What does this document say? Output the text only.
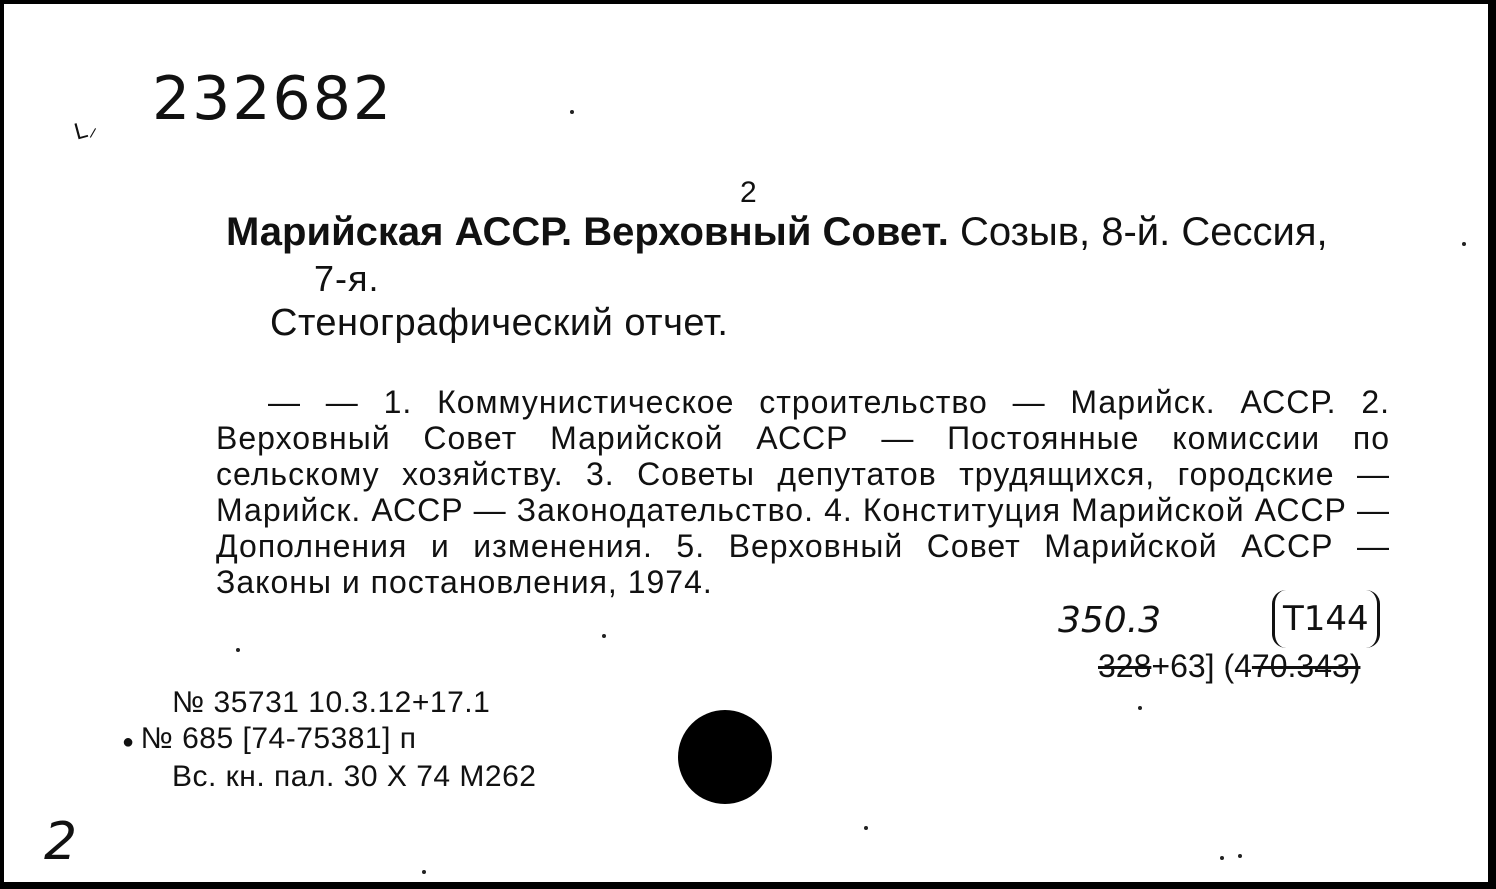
ᒪ⸝ 232682
2
Марийская АССР. Верховный Совет. Созыв, 8-й. Сессия,
7-я.
Стенографический отчет.
— — 1. Коммунистическое строительство — Марийск. АССР. 2. Верховный Совет Марийской АССР — Постоянные комиссии по сельскому хозяйству. 3. Советы депутатов трудящихся, городские — Марийск. АССР — Законодательство. 4. Конституция Марийской АССР — Дополнения и изменения. 5. Верховный Совет Марийской АССР — Законы и постановления, 1974.
350.3	T144
328+63] (470.343)
№ 35731 10.3.12+17.1
● № 685 [74-75381] п
Вс. кн. пал. 30 X 74 М262
2
